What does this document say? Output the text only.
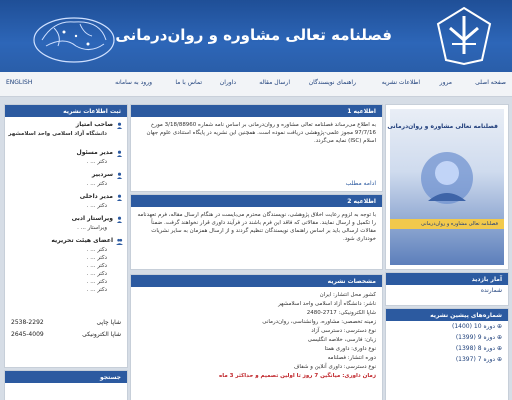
فصلنامه تعالی مشاوره و روان‌درمانی
صفحه اصلی
مرور
اطلاعات نشریه
راهنمای نویسندگان
ارسال مقاله
داوران
تماس با ما
ورود به سامانه
ENGLISH
ثبت اطلاعات نشریه
صاحب امتیاز
دانشگاه آزاد اسلامی واحد اسلامشهر
مدیر مسئول
دکتر ... .
سردبیر
دکتر ... .
مدیر داخلی
دکتر ... .
ویراستار ادبی
ویراستار ... .
اعضای هیئت تحریریه
دکتر ... .
دکتر ... .
دکتر ... .
دکتر ... .
دکتر ... .
دکتر ... .
2538-2292	شاپا چاپی
2645-4009	شاپا الکترونیکی
جستجو
اطلاعیه 1
به اطلاع می‌رساند فصلنامه تعالی مشاوره و روان‌درمانی بر اساس نامه شماره 3/18/88960 مورخ 97/7/16 مجوز علمی-پژوهشی دریافت نموده است. همچنین این نشریه در پایگاه استنادی علوم جهان اسلام (ISC) نمایه می‌گردد.
ادامه مطلب
اطلاعیه 2
با توجه به لزوم رعایت اخلاق پژوهشی، نویسندگان محترم می‌بایست در هنگام ارسال مقاله، فرم تعهدنامه را تکمیل و ارسال نمایند. مقالاتی که فاقد این فرم باشند در فرآیند داوری قرار نخواهند گرفت. ضمناً مقالات ارسالی باید بر اساس راهنمای نویسندگان تنظیم گردند و از ارسال همزمان به سایر نشریات خودداری شود.
مشخصات نشریه
کشور محل انتشار: ایران
ناشر: دانشگاه آزاد اسلامی واحد اسلامشهر
شاپا الکترونیکی: 2717-2480
زمینه تخصصی: مشاوره، روانشناسی، روان‌درمانی
نوع دسترسی: دسترسی آزاد
زبان: فارسی، خلاصه انگلیسی
نوع داوری: داوری همتا
دوره انتشار: فصلنامه
نوع دسترسی: داوری آنلاین و شفاف
زمان داوری: میانگین 7 روز تا اولین تصمیم و حداکثر 3 ماه
فصلنامه تعالی مشاوره و روان‌درمانی
فصلنامه تعالی مشاوره و روان‌درمانی
آمار بازدید
شمارنده
شماره‌های پیشین نشریه
⊕ دوره 10 (1400)
⊕ دوره 9 (1399)
⊕ دوره 8 (1398)
⊕ دوره 7 (1397)
